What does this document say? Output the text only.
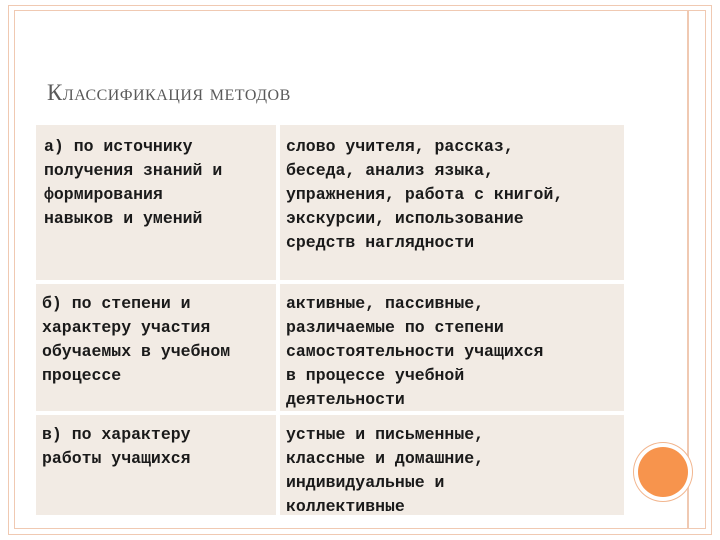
Классификация методов
а) по источнику
получения знаний и
формирования
навыков и умений
слово учителя, рассказ,
беседа, анализ языка,
упражнения, работа с книгой,
экскурсии, использование
средств наглядности
б) по степени и
характеру участия
обучаемых в учебном
процессе
активные, пассивные,
различаемые по степени
самостоятельности учащихся
в процессе учебной
деятельности
в) по характеру
работы учащихся
устные и письменные,
классные и домашние,
индивидуальные и
коллективные
